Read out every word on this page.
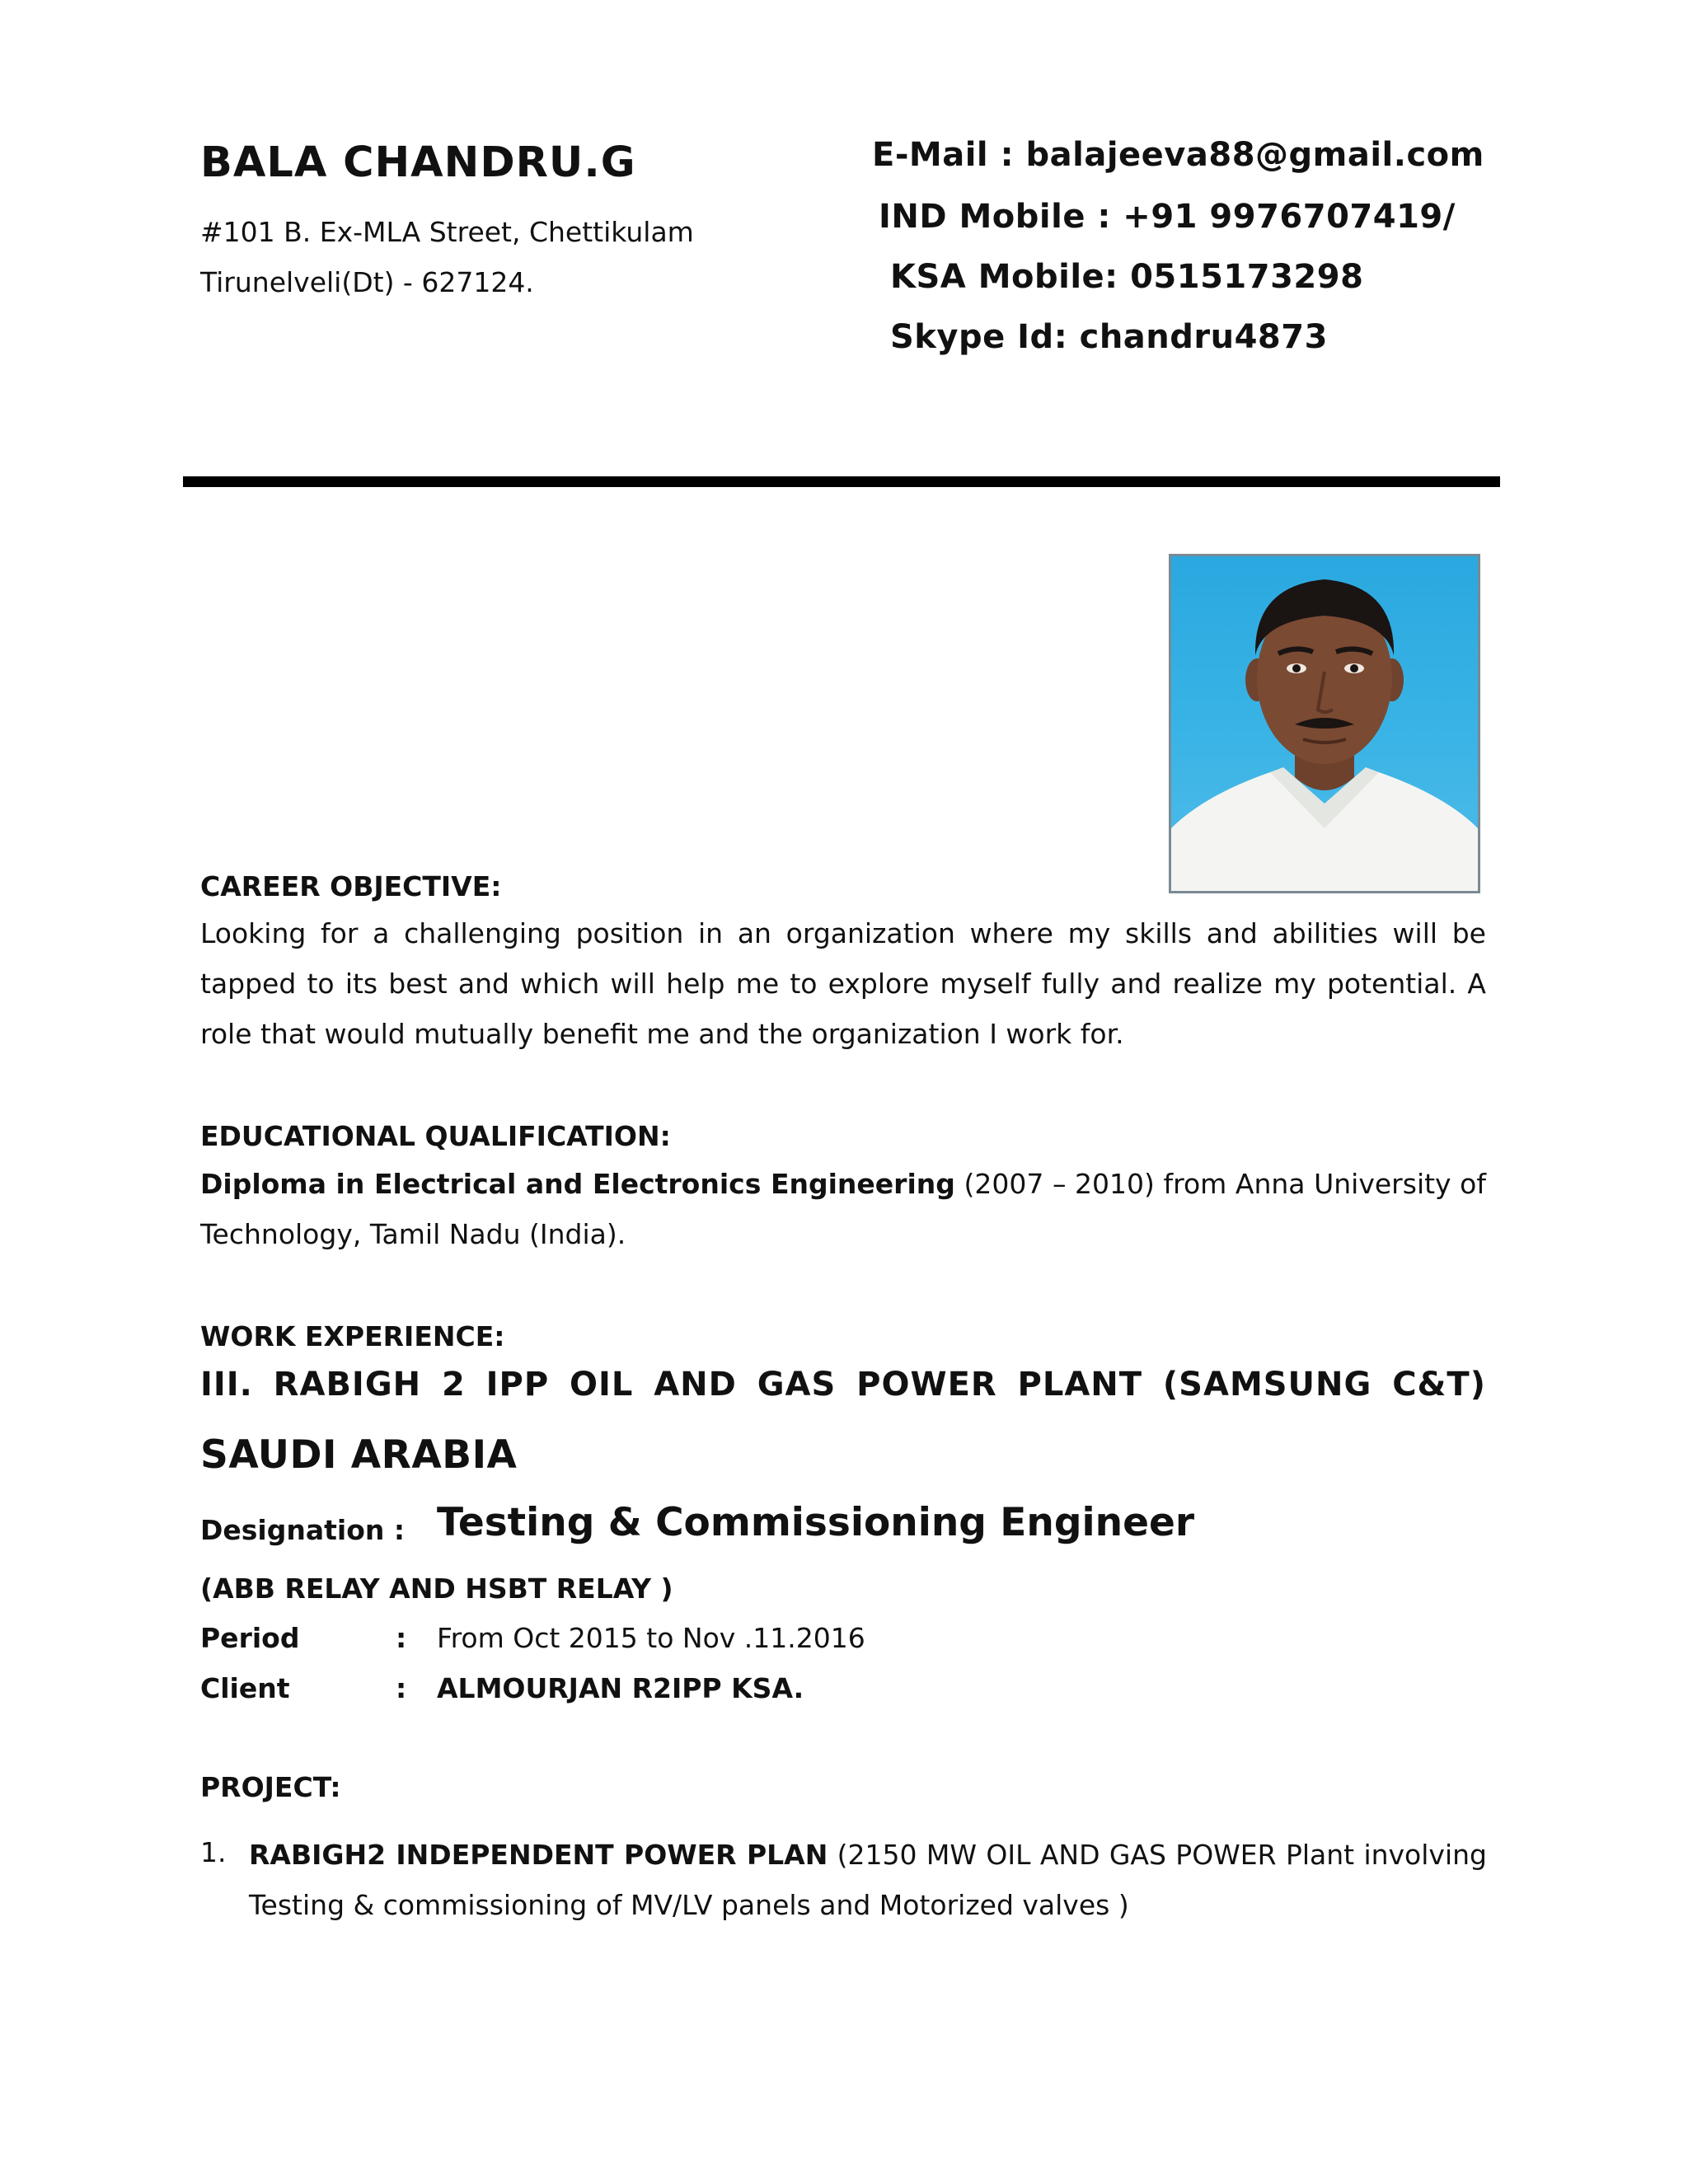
BALA CHANDRU.G
#101 B. Ex-MLA Street, Chettikulam
Tirunelveli(Dt) - 627124.
E-Mail : balajeeva88@gmail.com
IND Mobile : +91 9976707419/
KSA Mobile: 0515173298
Skype Id: chandru4873
CAREER OBJECTIVE:

Looking for a challenging position in an organization where my skills and abilities will be tapped to its best and which will help me to explore myself fully and realize my potential. A role that would mutually benefit me and the organization I work for.

EDUCATIONAL QUALIFICATION:

Diploma in Electrical and Electronics Engineering (2007 – 2010) from Anna University of Technology, Tamil Nadu (India).

WORK EXPERIENCE:
III. RABIGH 2 IPP OIL AND GAS POWER PLANT (SAMSUNG C&T)
SAUDI ARABIA
Designation : Testing & Commissioning Engineer
(ABB RELAY AND HSBT RELAY )
Period	: From Oct 2015 to Nov .11.2016
Client	: ALMOURJAN R2IPP KSA.
PROJECT:
1. RABIGH2 INDEPENDENT POWER PLAN (2150 MW OIL AND GAS POWER Plant involving Testing & commissioning of MV/LV panels and Motorized valves )
